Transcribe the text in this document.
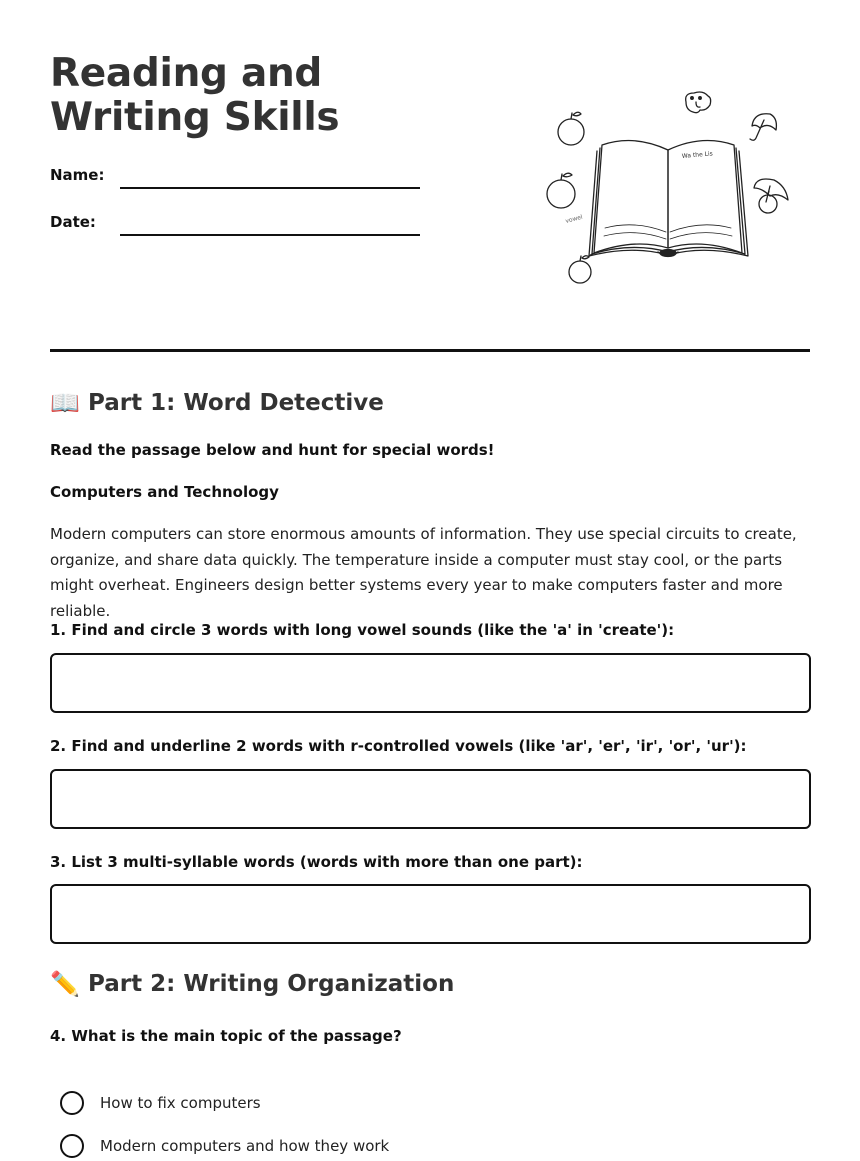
Reading and Writing Skills
Name:
Date:
Wa the Lis
vowel
📖 Part 1: Word Detective
Read the passage below and hunt for special words!
Computers and Technology

Modern computers can store enormous amounts of information. They use special circuits to create, organize, and share data quickly. The temperature inside a computer must stay cool, or the parts might overheat. Engineers design better systems every year to make computers faster and more reliable.

1. Find and circle 3 words with long vowel sounds (like the 'a' in 'create'):
2. Find and underline 2 words with r-controlled vowels (like 'ar', 'er', 'ir', 'or', 'ur'):
3. List 3 multi-syllable words (words with more than one part):
✏️ Part 2: Writing Organization
4. What is the main topic of the passage?
How to fix computers
Modern computers and how they work
